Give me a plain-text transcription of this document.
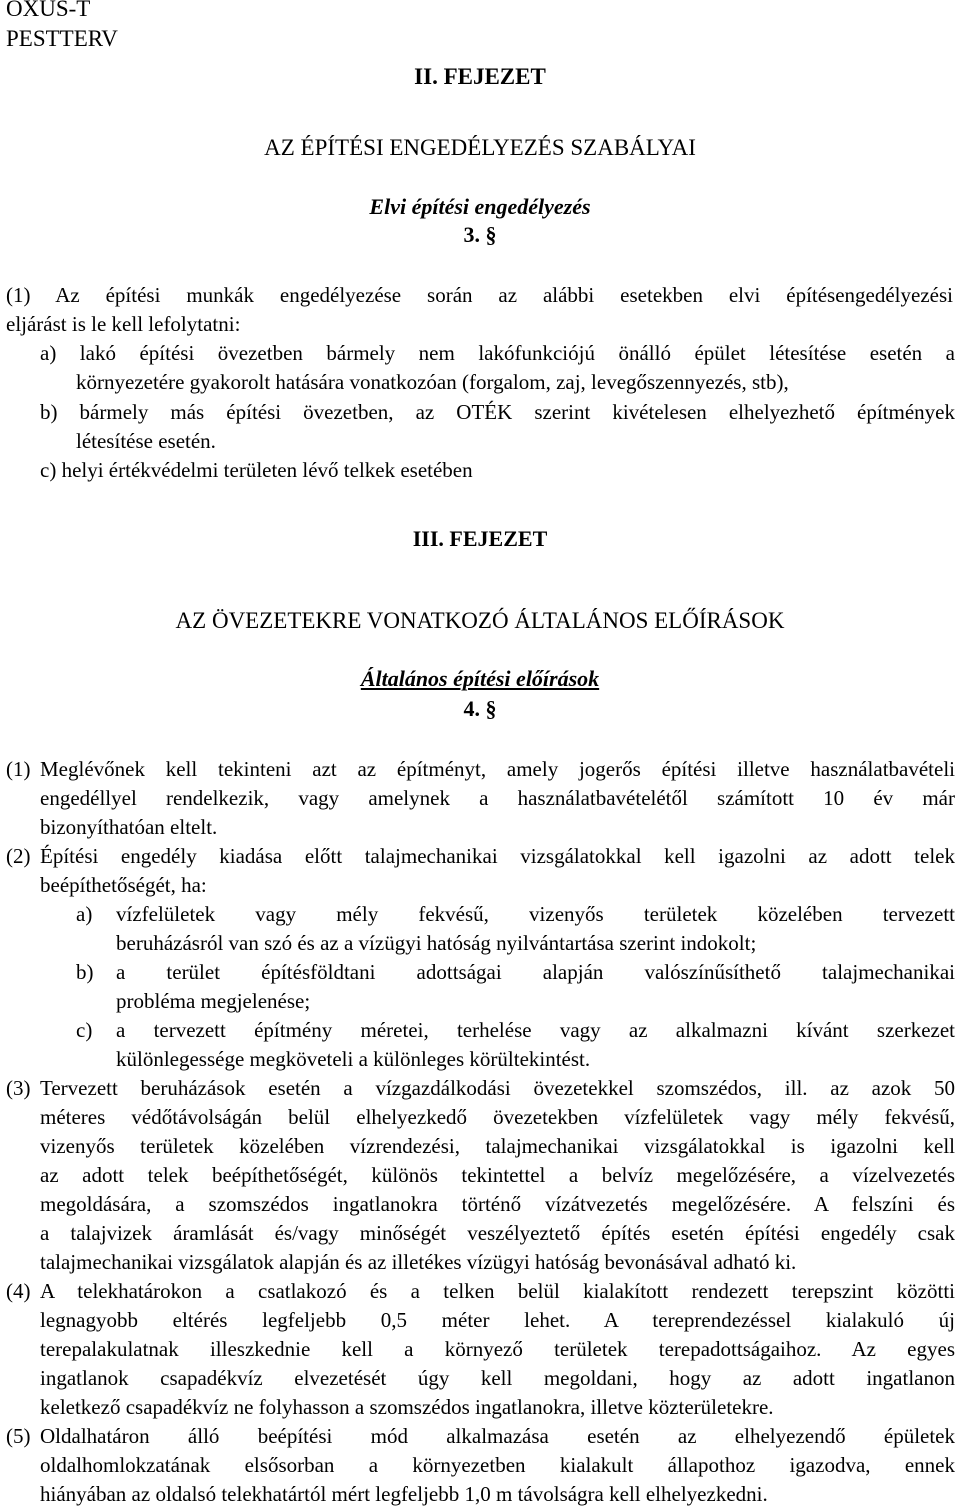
OXUS-T
PESTTERV
II. FEJEZET
AZ ÉPÍTÉSI ENGEDÉLYEZÉS SZABÁLYAI
Elvi építési engedélyezés
3. §
(1) Az építési munkák engedélyezése során az alábbi esetekben elvi építésengedélyezési
eljárást is le kell lefolytatni:
a) lakó építési övezetben bármely nem lakófunkciójú önálló épület létesítése esetén a
környezetére gyakorolt hatására vonatkozóan (forgalom, zaj, levegőszennyezés, stb),
b) bármely más építési övezetben, az OTÉK szerint kivételesen elhelyezhető építmények
létesítése esetén.
c) helyi értékvédelmi területen lévő telkek esetében
III. FEJEZET
AZ ÖVEZETEKRE VONATKOZÓ ÁLTALÁNOS ELŐÍRÁSOK
Általános építési előírások
4. §
(1) Meglévőnek kell tekinteni azt az építményt, amely jogerős építési illetve használatbavételi
engedéllyel rendelkezik, vagy amelynek a használatbavételétől számított 10 év már
bizonyíthatóan eltelt.
(2) Építési engedély kiadása előtt talajmechanikai vizsgálatokkal kell igazolni az adott telek
beépíthetőségét, ha:
a) vízfelületek vagy mély fekvésű, vizenyős területek közelében tervezett
beruházásról van szó és az a vízügyi hatóság nyilvántartása szerint indokolt;
b) a terület építésföldtani adottságai alapján valószínűsíthető talajmechanikai
probléma megjelenése;
c) a tervezett építmény méretei, terhelése vagy az alkalmazni kívánt szerkezet
különlegessége megköveteli a különleges körültekintést.
(3) Tervezett beruházások esetén a vízgazdálkodási övezetekkel szomszédos, ill. az azok 50
méteres védőtávolságán belül elhelyezkedő övezetekben vízfelületek vagy mély fekvésű,
vizenyős területek közelében vízrendezési, talajmechanikai vizsgálatokkal is igazolni kell
az adott telek beépíthetőségét, különös tekintettel a belvíz megelőzésére, a vízelvezetés
megoldására, a szomszédos ingatlanokra történő vízátvezetés megelőzésére. A felszíni és
a talajvizek áramlását és/vagy minőségét veszélyeztető építés esetén építési engedély csak
talajmechanikai vizsgálatok alapján és az illetékes vízügyi hatóság bevonásával adható ki.
(4) A telekhatárokon a csatlakozó és a telken belül kialakított rendezett terepszint közötti
legnagyobb eltérés legfeljebb 0,5 méter lehet. A tereprendezéssel kialakuló új
terepalakulatnak illeszkednie kell a környező területek terepadottságaihoz. Az egyes
ingatlanok csapadékvíz elvezetését úgy kell megoldani, hogy az adott ingatlanon
keletkező csapadékvíz ne folyhasson a szomszédos ingatlanokra, illetve közterületekre.
(5) Oldalhatáron álló beépítési mód alkalmazása esetén az elhelyezendő épületek
oldalhomlokzatának elsősorban a környezetben kialakult állapothoz igazodva, ennek
hiányában az oldalsó telekhatártól mért legfeljebb 1,0 m távolságra kell elhelyezkedni.
